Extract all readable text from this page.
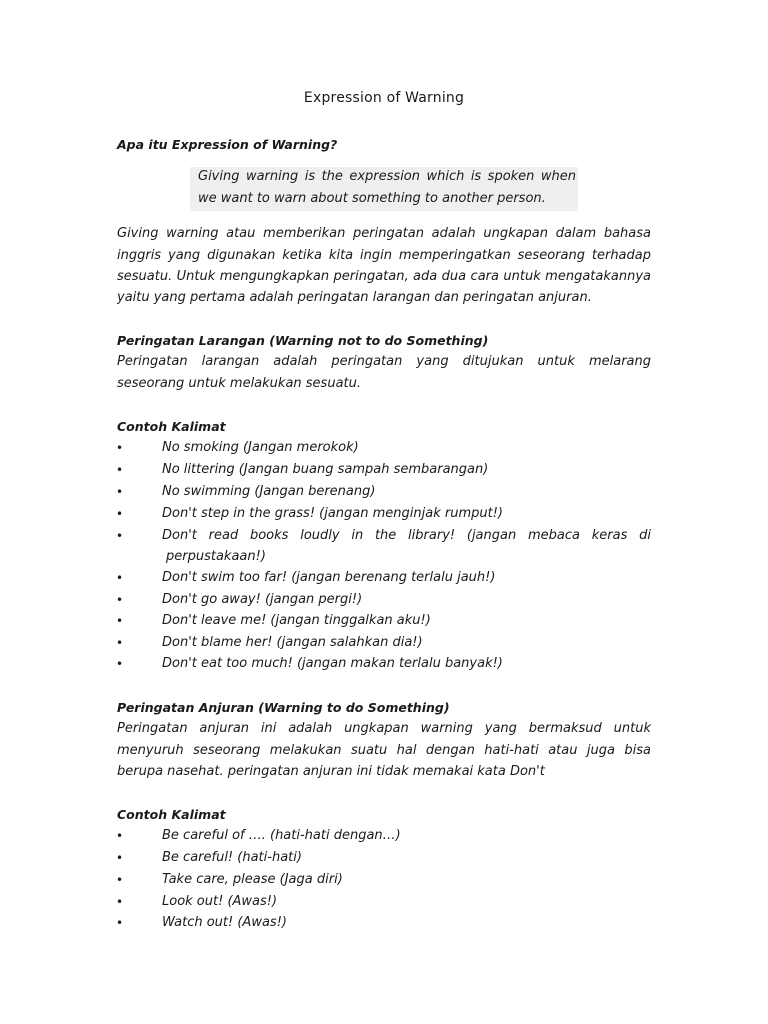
Expression of Warning
Apa itu Expression of Warning?
Giving warning is the expression which is spoken when
we want to warn about something to another person.
Giving warning atau memberikan peringatan adalah ungkapan dalam bahasa
inggris yang digunakan ketika kita ingin memperingatkan seseorang terhadap
sesuatu. Untuk mengungkapkan peringatan, ada dua cara untuk mengatakannya
yaitu yang pertama adalah peringatan larangan dan peringatan anjuran.
Peringatan Larangan (Warning not to do Something)
Peringatan larangan adalah peringatan yang ditujukan untuk melarang
seseorang untuk melakukan sesuatu.
Contoh Kalimat
•	No smoking (Jangan merokok)
•	No littering (Jangan buang sampah sembarangan)
•	No swimming (Jangan berenang)
•	Don't step in the grass! (jangan menginjak rumput!)
•	Don't read books loudly in the library! (jangan mebaca keras di
perpustakaan!)
•	Don't swim too far! (jangan berenang terlalu jauh!)
•	Don't go away! (jangan pergi!)
•	Don't leave me! (jangan tinggalkan aku!)
•	Don't blame her! (jangan salahkan dia!)
•	Don't eat too much! (jangan makan terlalu banyak!)
Peringatan Anjuran (Warning to do Something)
Peringatan anjuran ini adalah ungkapan warning yang bermaksud untuk
menyuruh seseorang melakukan suatu hal dengan hati-hati atau juga bisa
berupa nasehat. peringatan anjuran ini tidak memakai kata Don't
Contoh Kalimat
•	Be careful of …. (hati-hati dengan…)
•	Be careful! (hati-hati)
•	Take care, please (Jaga diri)
•	Look out! (Awas!)
•	Watch out! (Awas!)
